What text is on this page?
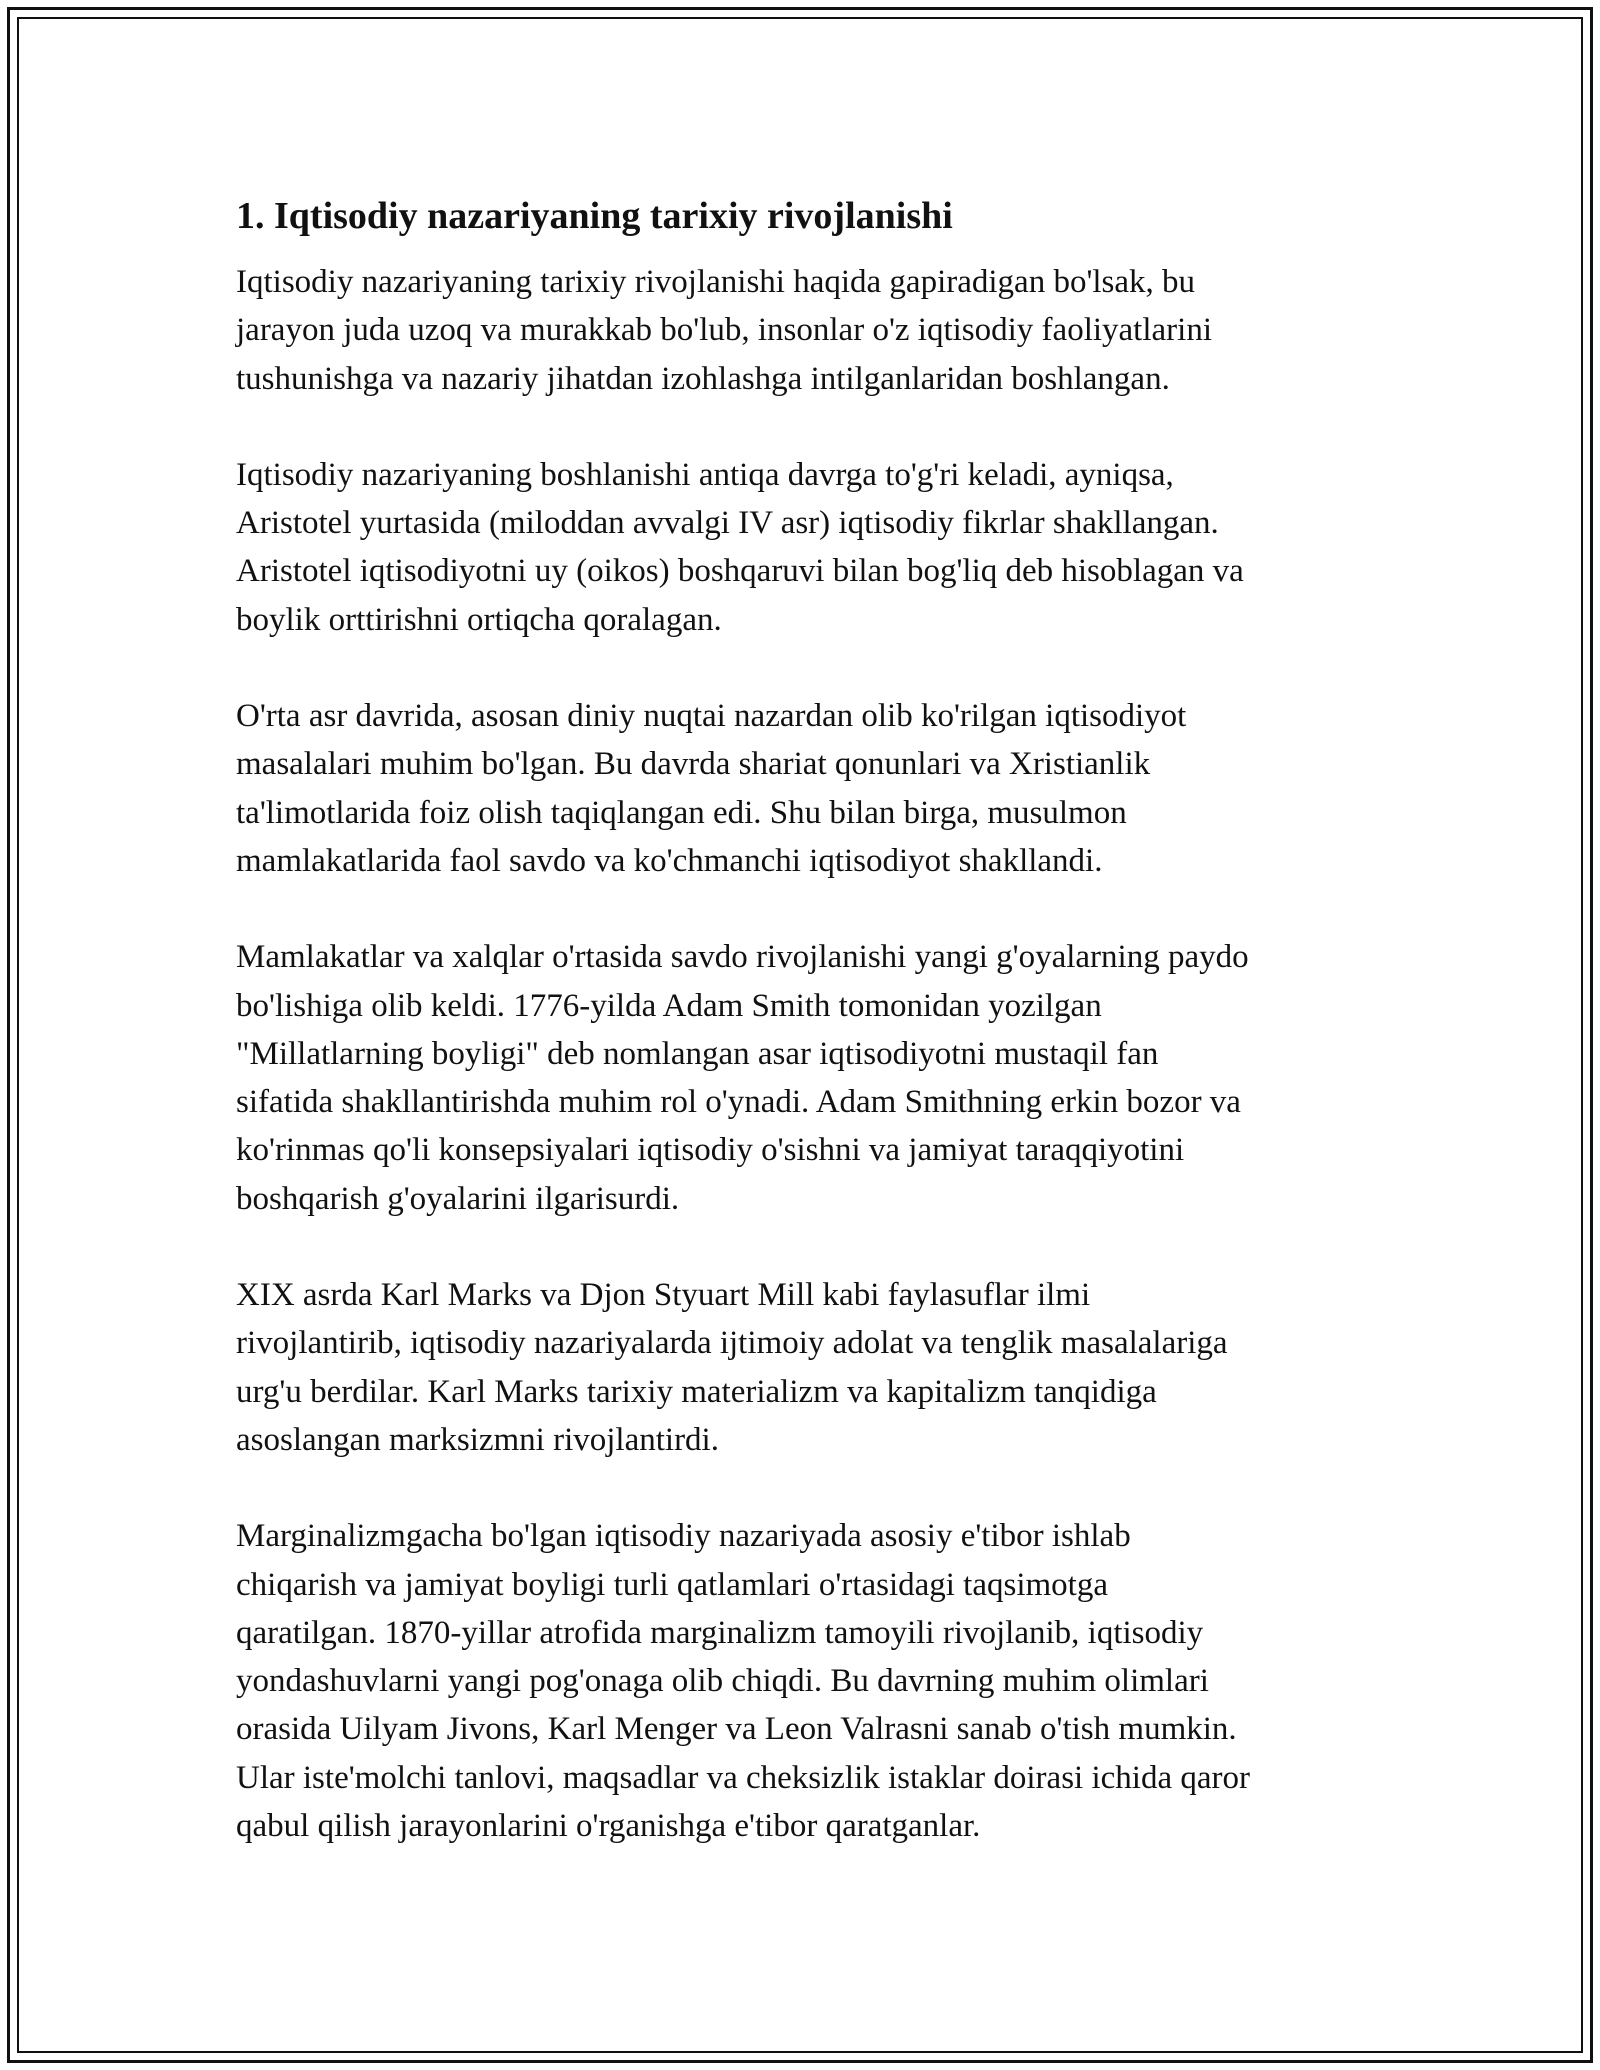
1. Iqtisodiy nazariyaning tarixiy rivojlanishi

Iqtisodiy nazariyaning tarixiy rivojlanishi haqida gapiradigan bo'lsak, bu
jarayon juda uzoq va murakkab bo'lub, insonlar o'z iqtisodiy faoliyatlarini
tushunishga va nazariy jihatdan izohlashga intilganlaridan boshlangan.

Iqtisodiy nazariyaning boshlanishi antiqa davrga to'g'ri keladi, ayniqsa,
Aristotel yurtasida (miloddan avvalgi IV asr) iqtisodiy fikrlar shakllangan.
Aristotel iqtisodiyotni uy (oikos) boshqaruvi bilan bog'liq deb hisoblagan va
boylik orttirishni ortiqcha qoralagan.

O'rta asr davrida, asosan diniy nuqtai nazardan olib ko'rilgan iqtisodiyot
masalalari muhim bo'lgan. Bu davrda shariat qonunlari va Xristianlik
ta'limotlarida foiz olish taqiqlangan edi. Shu bilan birga, musulmon
mamlakatlarida faol savdo va ko'chmanchi iqtisodiyot shakllandi.

Mamlakatlar va xalqlar o'rtasida savdo rivojlanishi yangi g'oyalarning paydo
bo'lishiga olib keldi. 1776-yilda Adam Smith tomonidan yozilgan
"Millatlarning boyligi" deb nomlangan asar iqtisodiyotni mustaqil fan
sifatida shakllantirishda muhim rol o'ynadi. Adam Smithning erkin bozor va
ko'rinmas qo'li konsepsiyalari iqtisodiy o'sishni va jamiyat taraqqiyotini
boshqarish g'oyalarini ilgarisurdi.

XIX asrda Karl Marks va Djon Styuart Mill kabi faylasuflar ilmi
rivojlantirib, iqtisodiy nazariyalarda ijtimoiy adolat va tenglik masalalariga
urg'u berdilar. Karl Marks tarixiy materializm va kapitalizm tanqidiga
asoslangan marksizmni rivojlantirdi.

Marginalizmgacha bo'lgan iqtisodiy nazariyada asosiy e'tibor ishlab
chiqarish va jamiyat boyligi turli qatlamlari o'rtasidagi taqsimotga
qaratilgan. 1870-yillar atrofida marginalizm tamoyili rivojlanib, iqtisodiy
yondashuvlarni yangi pog'onaga olib chiqdi. Bu davrning muhim olimlari
orasida Uilyam Jivons, Karl Menger va Leon Valrasni sanab o'tish mumkin.
Ular iste'molchi tanlovi, maqsadlar va cheksizlik istaklar doirasi ichida qaror
qabul qilish jarayonlarini o'rganishga e'tibor qaratganlar.
